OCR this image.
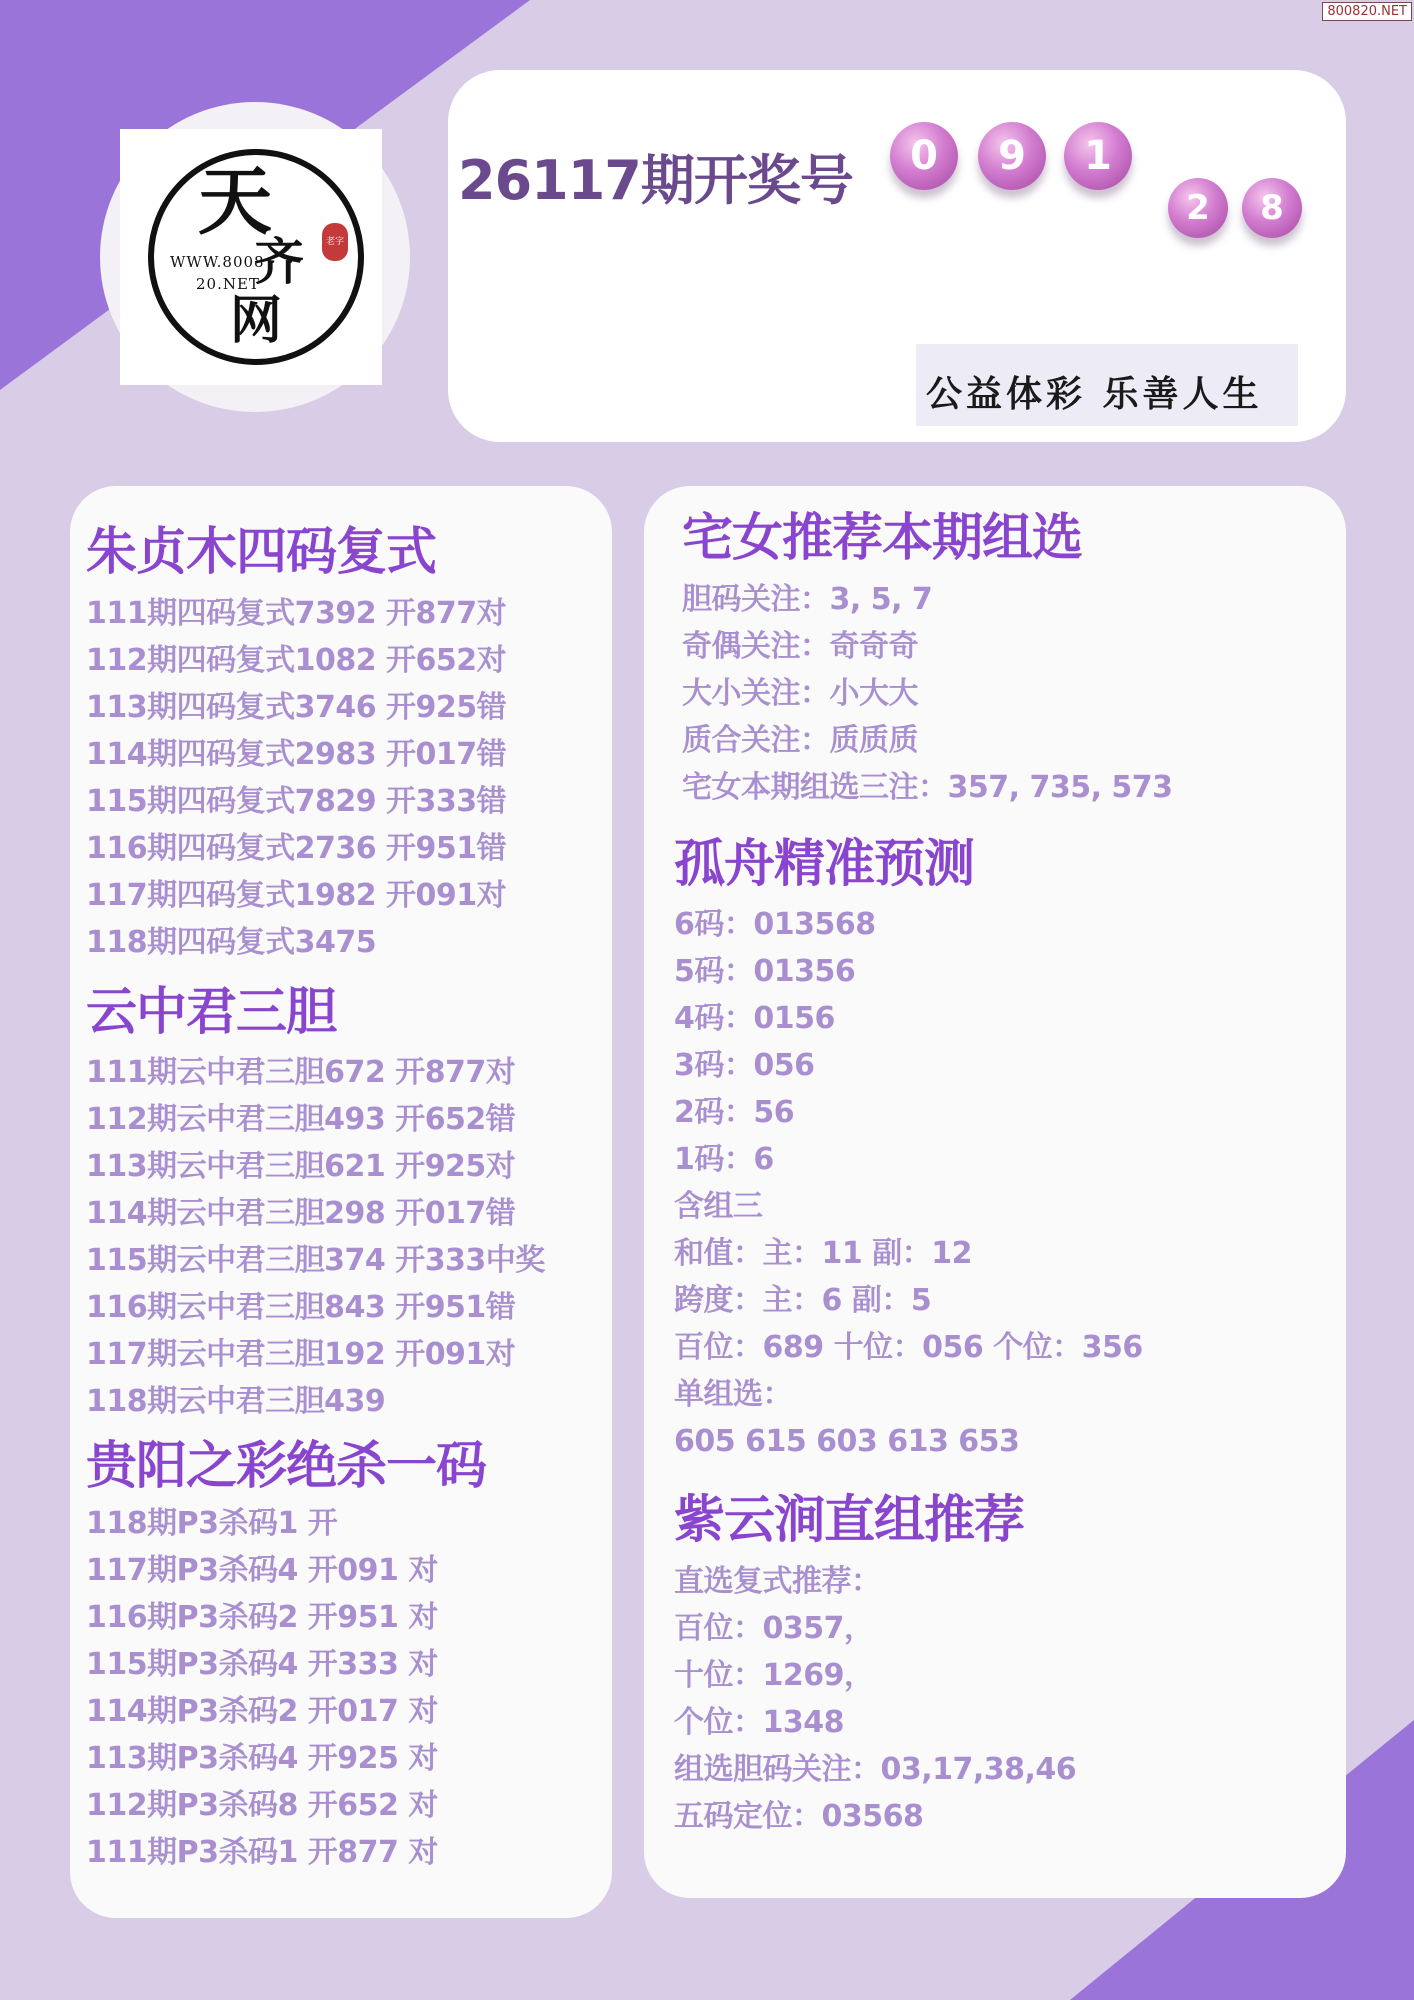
800820.NET
天
WWW.8008
20.NET
齐
网
老字号
26117期开奖号	0	9	1
2	8
公益体彩 乐善人生
朱贞木四码复式
111期四码复式7392 开877对
112期四码复式1082 开652对
113期四码复式3746 开925错
114期四码复式2983 开017错
115期四码复式7829 开333错
116期四码复式2736 开951错
117期四码复式1982 开091对
118期四码复式3475
云中君三胆
111期云中君三胆672 开877对
112期云中君三胆493 开652错
113期云中君三胆621 开925对
114期云中君三胆298 开017错
115期云中君三胆374 开333中奖
116期云中君三胆843 开951错
117期云中君三胆192 开091对
118期云中君三胆439
贵阳之彩绝杀一码
118期P3杀码1 开
117期P3杀码4 开091 对
116期P3杀码2 开951 对
115期P3杀码4 开333 对
114期P3杀码2 开017 对
113期P3杀码4 开925 对
112期P3杀码8 开652 对
111期P3杀码1 开877 对
宅女推荐本期组选
胆码关注：3, 5, 7
奇偶关注：奇奇奇
大小关注：小大大
质合关注：质质质
宅女本期组选三注：357, 735, 573
孤舟精准预测
6码：013568
5码：01356
4码：0156
3码：056
2码：56
1码：6
含组三
和值：主：11 副：12
跨度：主：6 副：5
百位：689 十位：056 个位：356
单组选：
605 615 603 613 653
紫云涧直组推荐
直选复式推荐：
百位：0357，
十位：1269，
个位：1348
组选胆码关注：03,17,38,46
五码定位：03568
